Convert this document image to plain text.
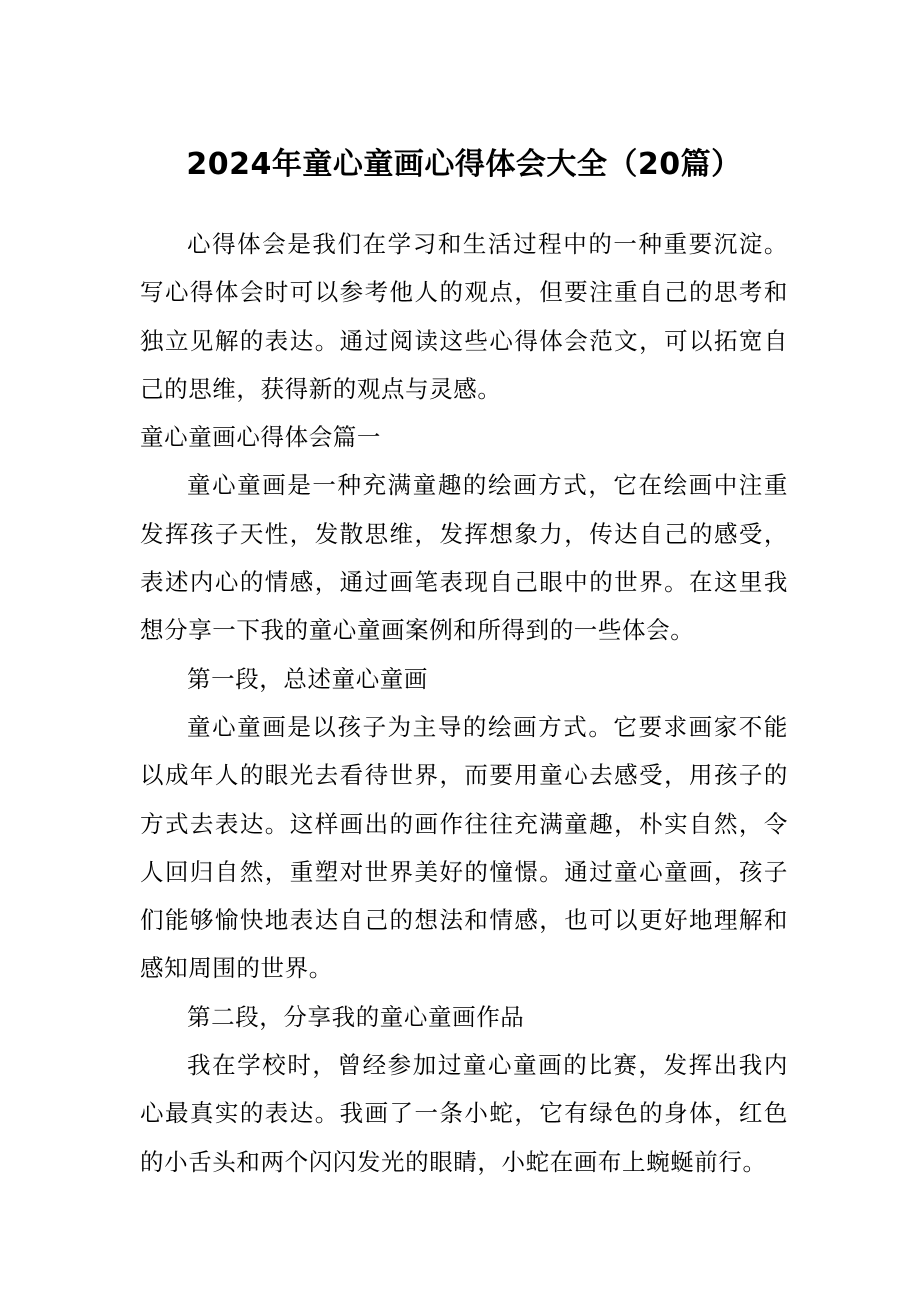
2024年童心童画心得体会大全（20篇）

心得体会是我们在学习和生活过程中的一种重要沉淀。写心得体会时可以参考他人的观点，但要注重自己的思考和独立见解的表达。通过阅读这些心得体会范文，可以拓宽自己的思维，获得新的观点与灵感。

童心童画心得体会篇一

童心童画是一种充满童趣的绘画方式，它在绘画中注重发挥孩子天性，发散思维，发挥想象力，传达自己的感受，表述内心的情感，通过画笔表现自己眼中的世界。在这里我想分享一下我的童心童画案例和所得到的一些体会。

第一段，总述童心童画

童心童画是以孩子为主导的绘画方式。它要求画家不能以成年人的眼光去看待世界，而要用童心去感受，用孩子的方式去表达。这样画出的画作往往充满童趣，朴实自然，令人回归自然，重塑对世界美好的憧憬。通过童心童画，孩子们能够愉快地表达自己的想法和情感，也可以更好地理解和感知周围的世界。

第二段，分享我的童心童画作品

我在学校时，曾经参加过童心童画的比赛，发挥出我内心最真实的表达。我画了一条小蛇，它有绿色的身体，红色的小舌头和两个闪闪发光的眼睛，小蛇在画布上蜿蜒前行。
